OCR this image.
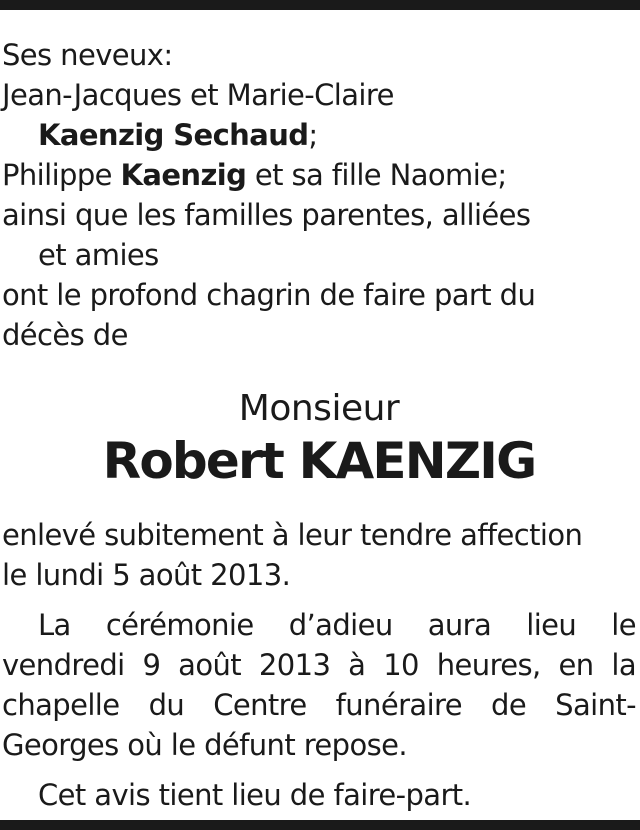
Ses neveux:
Jean-Jacques et Marie-Claire
Kaenzig Sechaud;
Philippe Kaenzig et sa fille Naomie;
ainsi que les familles parentes, alliées
et amies
ont le profond chagrin de faire part du
décès de
Monsieur
Robert KAENZIG
enlevé subitement à leur tendre affection
le lundi 5 août 2013.
La cérémonie d’adieu aura lieu le
vendredi 9 août 2013 à 10 heures, en la
chapelle du Centre funéraire de Saint-
Georges où le défunt repose.
Cet avis tient lieu de faire-part.
